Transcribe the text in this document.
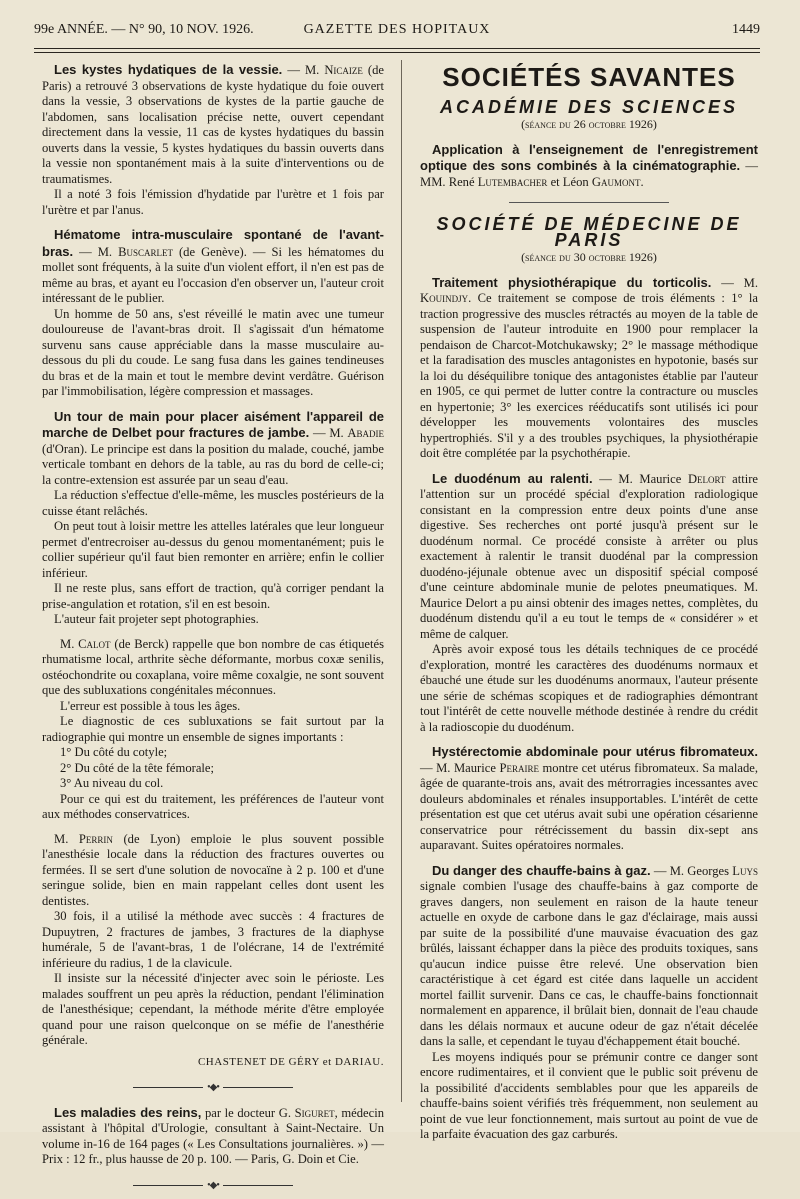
99e ANNÉE. — N° 90, 10 NOV. 1926.	GAZETTE DES HOPITAUX	1449

Les kystes hydatiques de la vessie. — M. Nicaize (de Paris) a retrouvé 3 observations de kyste hydatique du foie ouvert dans la vessie, 3 observations de kystes de la partie gauche de l'abdomen, sans localisation précise nette, ouvert cependant directement dans la vessie, 11 cas de kystes hydatiques du bassin ouverts dans la vessie, 5 kystes hydatiques du bassin ouverts dans la vessie non spontanément mais à la suite d'interventions ou de traumatismes.

Il a noté 3 fois l'émission d'hydatide par l'urètre et 1 fois par l'urètre et par l'anus.

Hématome intra-musculaire spontané de l'avant-bras. — M. Buscarlet (de Genève). — Si les hématomes du mollet sont fréquents, à la suite d'un violent effort, il n'en est pas de même au bras, et ayant eu l'occasion d'en observer un, l'auteur croit intéressant de le publier.

Un homme de 50 ans, s'est réveillé le matin avec une tumeur douloureuse de l'avant-bras droit. Il s'agissait d'un hématome survenu sans cause appréciable dans la masse musculaire au-dessous du pli du coude. Le sang fusa dans les gaines tendineuses du bras et de la main et tout le membre devint verdâtre. Guérison par l'immobilisation, légère compression et massages.

Un tour de main pour placer aisément l'appareil de marche de Delbet pour fractures de jambe. — M. Abadie (d'Oran). Le principe est dans la position du malade, couché, jambe verticale tombant en dehors de la table, au ras du bord de celle-ci; la contre-extension est assurée par un seau d'eau.

La réduction s'effectue d'elle-même, les muscles postérieurs de la cuisse étant relâchés.

On peut tout à loisir mettre les attelles latérales que leur longueur permet d'entrecroiser au-dessus du genou momentanément; puis le collier supérieur qu'il faut bien remonter en arrière; enfin le collier inférieur.

Il ne reste plus, sans effort de traction, qu'à corriger pendant la prise-angulation et rotation, s'il en est besoin.

L'auteur fait projeter sept photographies.

M. Calot (de Berck) rappelle que bon nombre de cas étiquetés rhumatisme local, arthrite sèche déformante, morbus coxæ senilis, ostéochondrite ou coxaplana, voire même coxalgie, ne sont souvent que des subluxations congénitales méconnues.

L'erreur est possible à tous les âges.

Le diagnostic de ces subluxations se fait surtout par la radiographie qui montre un ensemble de signes importants :

1° Du côté du cotyle;

2° Du côté de la tête fémorale;

3° Au niveau du col.

Pour ce qui est du traitement, les préférences de l'auteur vont aux méthodes conservatrices.

M. Perrin (de Lyon) emploie le plus souvent possible l'anesthésie locale dans la réduction des fractures ouvertes ou fermées. Il se sert d'une solution de novocaïne à 2 p. 100 et d'une seringue solide, bien en main rappelant celles dont usent les dentistes.

30 fois, il a utilisé la méthode avec succès : 4 fractures de Dupuytren, 2 fractures de jambes, 3 fractures de la diaphyse humérale, 5 de l'avant-bras, 1 de l'olécrane, 14 de l'extrémité inférieure du radius, 1 de la clavicule.

Il insiste sur la nécessité d'injecter avec soin le périoste. Les malades souffrent un peu après la réduction, pendant l'élimination de l'anesthésique; cependant, la méthode mérite d'être employée quand pour une raison quelconque on se méfie de l'anesthérie générale.

CHASTENET DE GÉRY et DARIAU.
•◆•

Les maladies des reins, par le docteur G. Siguret, médecin assistant à l'hôpital d'Urologie, consultant à Saint-Nectaire. Un volume in-16 de 164 pages (« Les Consultations journalières. ») — Prix : 12 fr., plus hausse de 20 p. 100. — Paris, G. Doin et Cie.

•◆•
SOCIÉTÉS SAVANTES
ACADÉMIE DES SCIENCES
(séance du 26 octobre 1926)

Application à l'enseignement de l'enregistrement optique des sons combinés à la cinématographie. — MM. René Lutembacher et Léon Gaumont.

SOCIÉTÉ DE MÉDECINE DE PARIS
(séance du 30 octobre 1926)

Traitement physiothérapique du torticolis. — M. Kouindjy. Ce traitement se compose de trois éléments : 1° la traction progressive des muscles rétractés au moyen de la table de suspension de l'auteur introduite en 1900 pour remplacer la pendaison de Charcot-Motchukawsky; 2° le massage méthodique et la faradisation des muscles antagonistes en hypotonie, basés sur la loi du déséquilibre tonique des antagonistes établie par l'auteur en 1905, ce qui permet de lutter contre la contracture ou muscles en hypertonie; 3° les exercices rééducatifs sont utilisés ici pour développer les mouvements volontaires des muscles hypertrophiés. S'il y a des troubles psychiques, la physiothérapie doit être complétée par la psychothérapie.

Le duodénum au ralenti. — M. Maurice Delort attire l'attention sur un procédé spécial d'exploration radiologique consistant en la compression entre deux points d'une anse digestive. Ses recherches ont porté jusqu'à présent sur le duodénum normal. Ce procédé consiste à arrêter ou plus exactement à ralentir le transit duodénal par la compression duodéno-jéjunale obtenue avec un dispositif spécial composé d'une ceinture abdominale munie de pelotes pneumatiques. M. Maurice Delort a pu ainsi obtenir des images nettes, complètes, du duodénum distendu qu'il a eu tout le temps de « considérer » et même de calquer.

Après avoir exposé tous les détails techniques de ce procédé d'exploration, montré les caractères des duodénums normaux et ébauché une étude sur les duodénums anormaux, l'auteur présente une série de schémas scopiques et de radiographies démontrant tout l'intérêt de cette nouvelle méthode destinée à rendre du crédit à la radioscopie du duodénum.

Hystérectomie abdominale pour utérus fibromateux. — M. Maurice Peraire montre cet utérus fibromateux. Sa malade, âgée de quarante-trois ans, avait des métrorragies incessantes avec douleurs abdominales et rénales insupportables. L'intérêt de cette présentation est que cet utérus avait subi une opération césarienne conservatrice pour rétrécissement du bassin dix-sept ans auparavant. Suites opératoires normales.

Du danger des chauffe-bains à gaz. — M. Georges Luys signale combien l'usage des chauffe-bains à gaz comporte de graves dangers, non seulement en raison de la haute teneur actuelle en oxyde de carbone dans le gaz d'éclairage, mais aussi par suite de la possibilité d'une mauvaise évacuation des gaz brûlés, laissant échapper dans la pièce des produits toxiques, sans qu'aucun indice puisse être relevé. Une observation bien caractéristique à cet égard est citée dans laquelle un accident mortel faillit survenir. Dans ce cas, le chauffe-bains fonctionnait normalement en apparence, il brûlait bien, donnait de l'eau chaude dans les délais normaux et aucune odeur de gaz n'était décelée dans la salle, et cependant le tuyau d'échappement était bouché.

Les moyens indiqués pour se prémunir contre ce danger sont encore rudimentaires, et il convient que le public soit prévenu de la possibilité d'accidents semblables pour que les appareils de chauffe-bains soient vérifiés très fréquemment, non seulement au point de vue leur fonctionnement, mais surtout au point de vue de la parfaite évacuation des gaz carburés.
